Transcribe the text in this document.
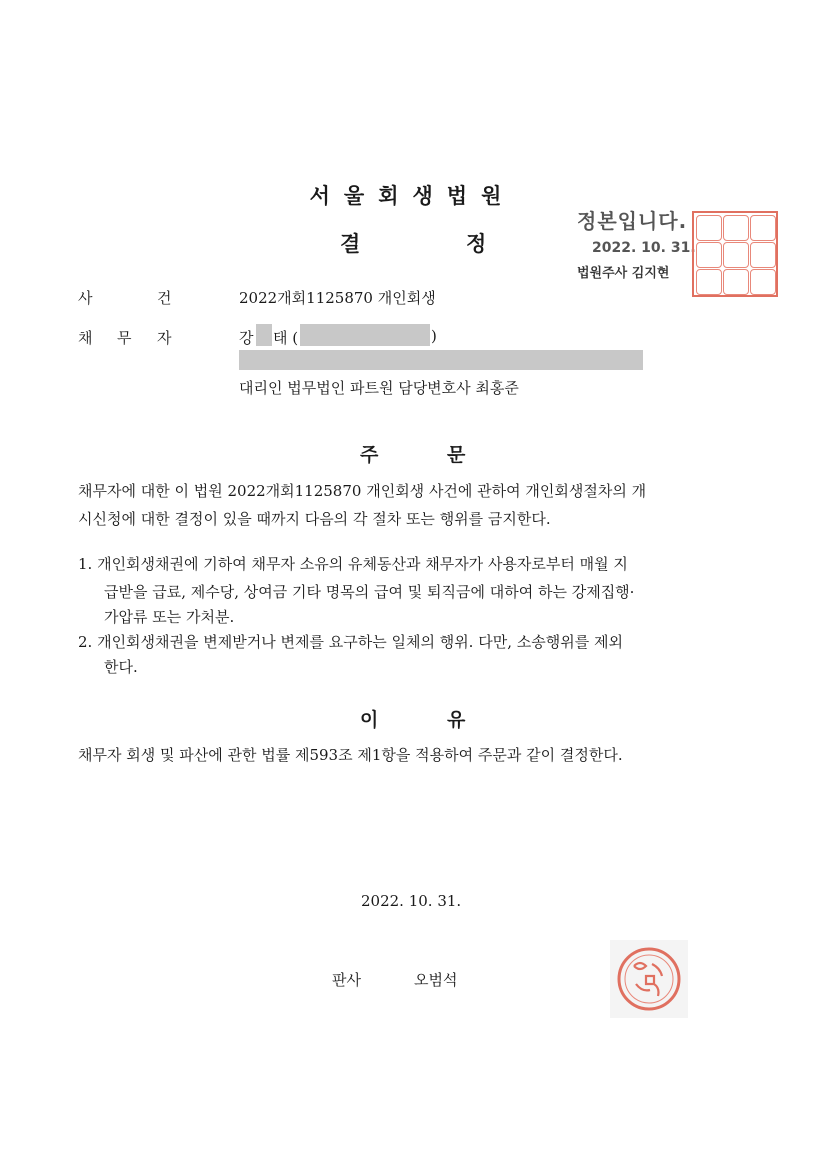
서울회생법원
결	정
정본입니다.
2022. 10. 31.
법원주사 김지현
사	건	2022개회1125870 개인회생
채 무 자	강 태 (	)
대리인 법무법인 파트원 담당변호사 최홍준
주	문
채무자에 대한 이 법원 2022개회1125870 개인회생 사건에 관하여 개인회생절차의 개
시신청에 대한 결정이 있을 때까지 다음의 각 절차 또는 행위를 금지한다.
1. 개인회생채권에 기하여 채무자 소유의 유체동산과 채무자가 사용자로부터 매월 지
급받을 급료, 제수당, 상여금 기타 명목의 급여 및 퇴직금에 대하여 하는 강제집행·
가압류 또는 가처분.
2. 개인회생채권을 변제받거나 변제를 요구하는 일체의 행위. 다만, 소송행위를 제외
한다.
이	유
채무자 회생 및 파산에 관한 법률 제593조 제1항을 적용하여 주문과 같이 결정한다.
2022. 10. 31.
판사	오범석
